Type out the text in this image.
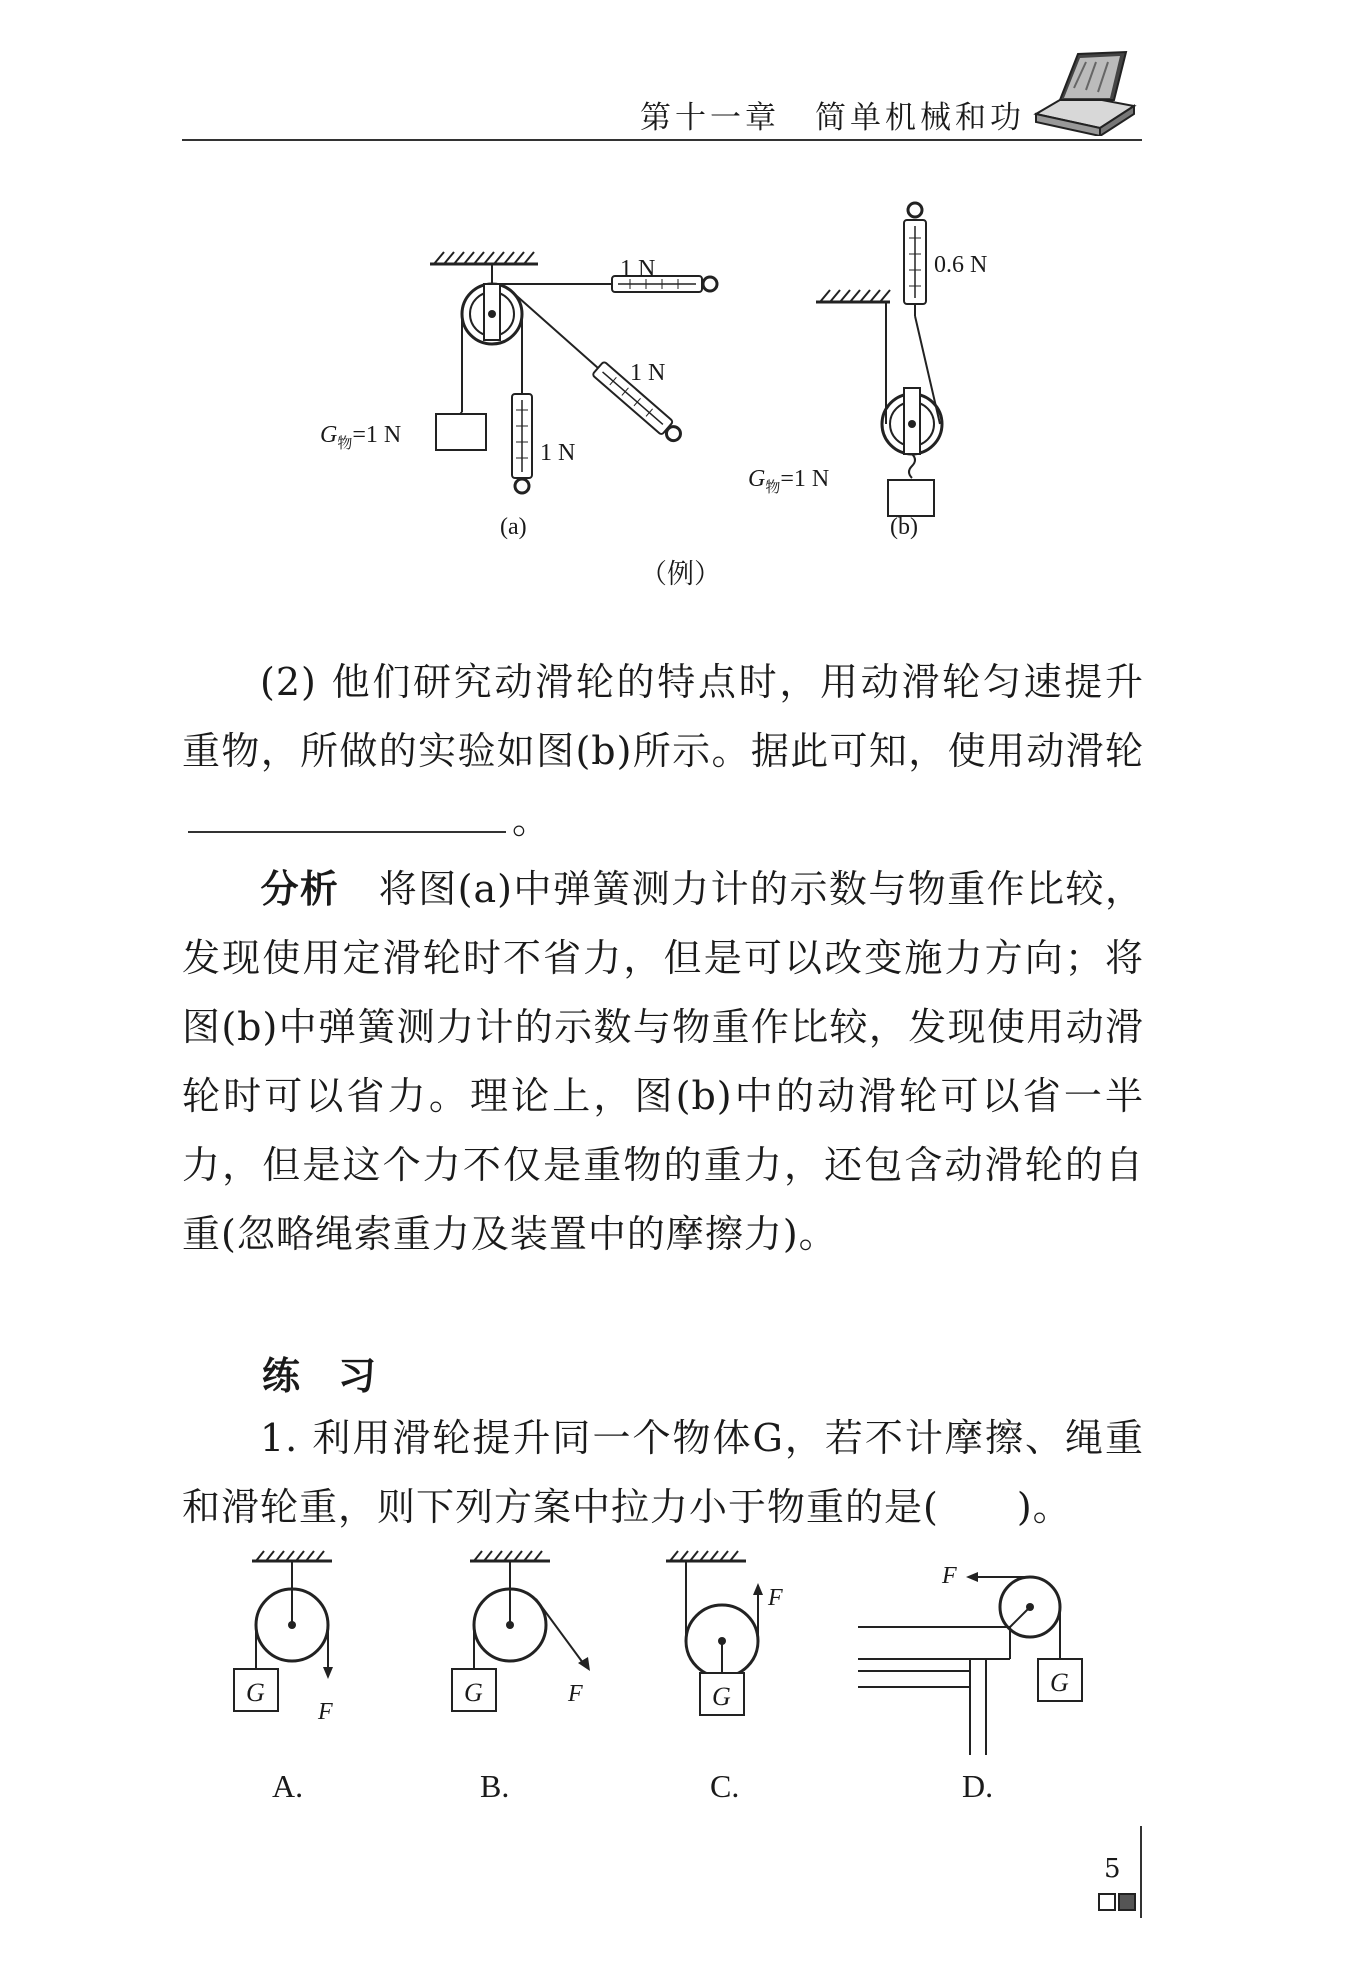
第十一章　简单机械和功
1 N
1 N
1 N
$G_物=1$ N
(a)
0.6 N
$G_物=1$ N
(b)
（例）
(2) 他们研究动滑轮的特点时，用动滑轮匀速提升重物，所做的实验如图(b)所示。据此可知，使用动滑轮。
分析　 将图(a)中弹簧测力计的示数与物重作比较，发现使用定滑轮时不省力，但是可以改变施力方向；将图(b)中弹簧测力计的示数与物重作比较，发现使用动滑轮时可以省力。理论上，图(b)中的动滑轮可以省一半力，但是这个力不仅是重物的重力，还包含动滑轮的自重(忽略绳索重力及装置中的摩擦力)。
练　习
1. 利用滑轮提升同一个物体G，若不计摩擦、绳重和滑轮重，则下列方案中拉力小于物重的是(　　)。
F
G
A.
F
G
B.
F
G
C.
F
G
D.
5
